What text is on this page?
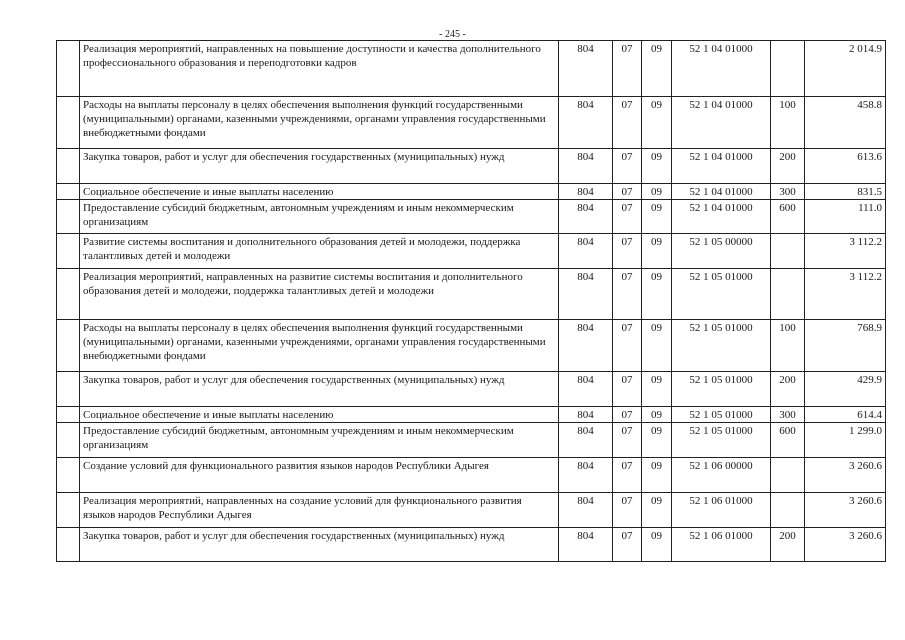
- 245 -
	Реализация мероприятий, направленных на повышение доступности и качества дополнительного профессионального образования и переподготовки кадров	804	07	09	52 1 04 01000		2 014.9
	Расходы на выплаты персоналу в целях обеспечения выполнения функций государственными (муниципальными) органами, казенными учреждениями, органами управления государственными внебюджетными фондами	804	07	09	52 1 04 01000	100	458.8
	Закупка товаров, работ и услуг для обеспечения государственных (муниципальных) нужд	804	07	09	52 1 04 01000	200	613.6
	Социальное обеспечение и иные выплаты населению	804	07	09	52 1 04 01000	300	831.5
	Предоставление субсидий бюджетным, автономным учреждениям и иным некоммерческим организациям	804	07	09	52 1 04 01000	600	111.0
	Развитие системы воспитания и дополнительного образования детей и молодежи, поддержка талантливых детей и молодежи	804	07	09	52 1 05 00000		3 112.2
	Реализация мероприятий, направленных на развитие системы воспитания и дополнительного образования детей и молодежи, поддержка талантливых детей и молодежи	804	07	09	52 1 05 01000		3 112.2
	Расходы на выплаты персоналу в целях обеспечения выполнения функций государственными (муниципальными) органами, казенными учреждениями, органами управления государственными внебюджетными фондами	804	07	09	52 1 05 01000	100	768.9
	Закупка товаров, работ и услуг для обеспечения государственных (муниципальных) нужд	804	07	09	52 1 05 01000	200	429.9
	Социальное обеспечение и иные выплаты населению	804	07	09	52 1 05 01000	300	614.4
	Предоставление субсидий бюджетным, автономным учреждениям и иным некоммерческим организациям	804	07	09	52 1 05 01000	600	1 299.0
	Создание условий для функционального развития языков народов Республики Адыгея	804	07	09	52 1 06 00000		3 260.6
	Реализация мероприятий, направленных на создание условий для функционального развития языков народов Республики Адыгея	804	07	09	52 1 06 01000		3 260.6
	Закупка товаров, работ и услуг для обеспечения государственных (муниципальных) нужд	804	07	09	52 1 06 01000	200	3 260.6
